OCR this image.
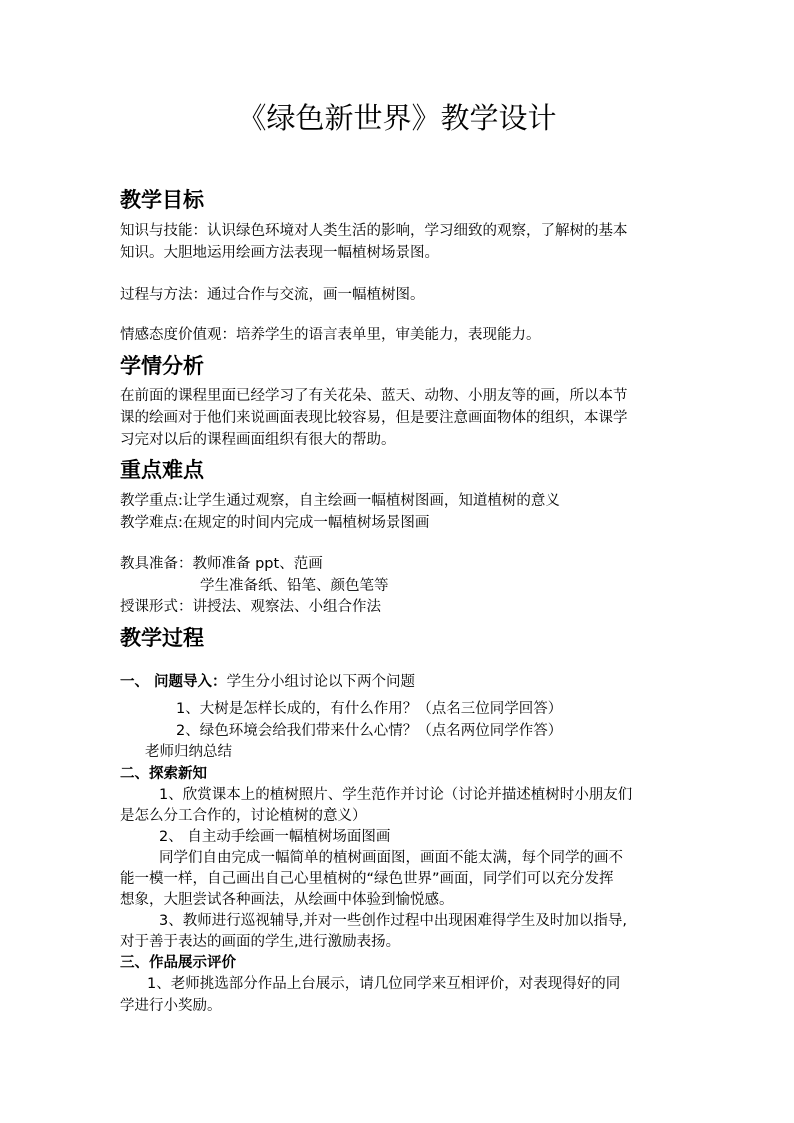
《绿色新世界》教学设计
教学目标
知识与技能：认识绿色环境对人类生活的影响，学习细致的观察，了解树的基本
知识。大胆地运用绘画方法表现一幅植树场景图。
过程与方法：通过合作与交流，画一幅植树图。
情感态度价值观：培养学生的语言表单里，审美能力，表现能力。
学情分析
在前面的课程里面已经学习了有关花朵、蓝天、动物、小朋友等的画，所以本节
课的绘画对于他们来说画面表现比较容易，但是要注意画面物体的组织，本课学
习完对以后的课程画面组织有很大的帮助。
重点难点
教学重点:让学生通过观察，自主绘画一幅植树图画，知道植树的意义
教学难点:在规定的时间内完成一幅植树场景图画
教具准备：教师准备 ppt、范画
学生准备纸、铅笔、颜色笔等
授课形式：讲授法、观察法、小组合作法
教学过程
一、 问题导入：学生分小组讨论以下两个问题
1、大树是怎样长成的，有什么作用？（点名三位同学回答）
2、绿色环境会给我们带来什么心情？（点名两位同学作答）
老师归纳总结
二、探索新知
1、欣赏课本上的植树照片、学生范作并讨论（讨论并描述植树时小朋友们
是怎么分工合作的，讨论植树的意义）
2、 自主动手绘画一幅植树场面图画
同学们自由完成一幅简单的植树画面图，画面不能太满，每个同学的画不
能一模一样，自己画出自己心里植树的“绿色世界”画面，同学们可以充分发挥
想象，大胆尝试各种画法，从绘画中体验到愉悦感。
3、教师进行巡视辅导,并对一些创作过程中出现困难得学生及时加以指导,
对于善于表达的画面的学生,进行激励表扬。
三、作品展示评价
1、老师挑选部分作品上台展示，请几位同学来互相评价，对表现得好的同
学进行小奖励。
